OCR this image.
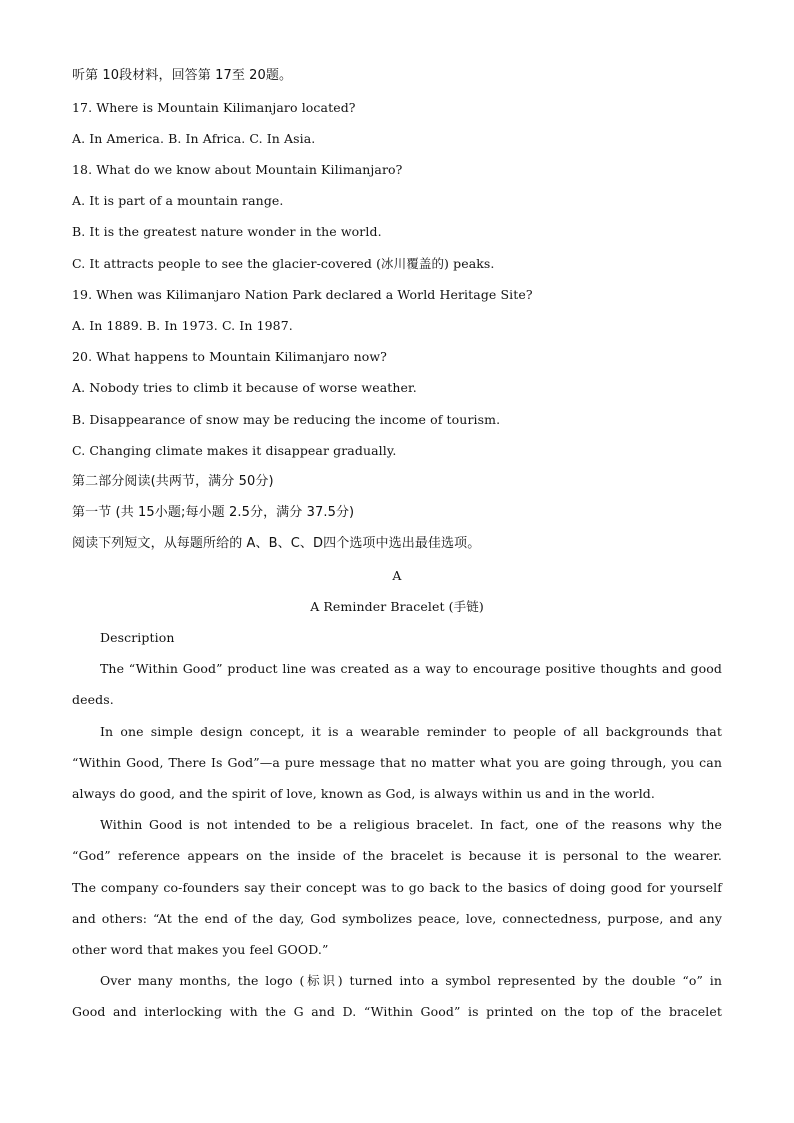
听第 10段材料，回答第 17至 20题。
17. Where is Mountain Kilimanjaro located?
A. In America. B. In Africa. C. In Asia.
18. What do we know about Mountain Kilimanjaro?
A. It is part of a mountain range.
B. It is the greatest nature wonder in the world.
C. It attracts people to see the glacier-covered (冰川覆盖的) peaks.
19. When was Kilimanjaro Nation Park declared a World Heritage Site?
A. In 1889. B. In 1973. C. In 1987.
20. What happens to Mountain Kilimanjaro now?
A. Nobody tries to climb it because of worse weather.
B. Disappearance of snow may be reducing the income of tourism.
C. Changing climate makes it disappear gradually.
第二部分阅读(共两节，满分 50分)
第一节 (共 15小题;每小题 2.5分，满分 37.5分)
阅读下列短文，从每题所给的 A、B、C、D四个选项中选出最佳选项。
A
A Reminder Bracelet (手链)
Description
The “Within Good” product line was created as a way to encourage positive thoughts and good
deeds.
In one simple design concept, it is a wearable reminder to people of all backgrounds that
“Within Good, There Is God”—a pure message that no matter what you are going through, you can
always do good, and the spirit of love, known as God, is always within us and in the world.
Within Good is not intended to be a religious bracelet. In fact, one of the reasons why the
“God” reference appears on the inside of the bracelet is because it is personal to the wearer.
The company co-founders say their concept was to go back to the basics of doing good for yourself
and others: “At the end of the day, God symbolizes peace, love, connectedness, purpose, and any
other word that makes you feel GOOD.”
Over many months, the logo (标识) turned into a symbol represented by the double “o” in
Good and interlocking with the G and D. “Within Good” is printed on the top of the bracelet
